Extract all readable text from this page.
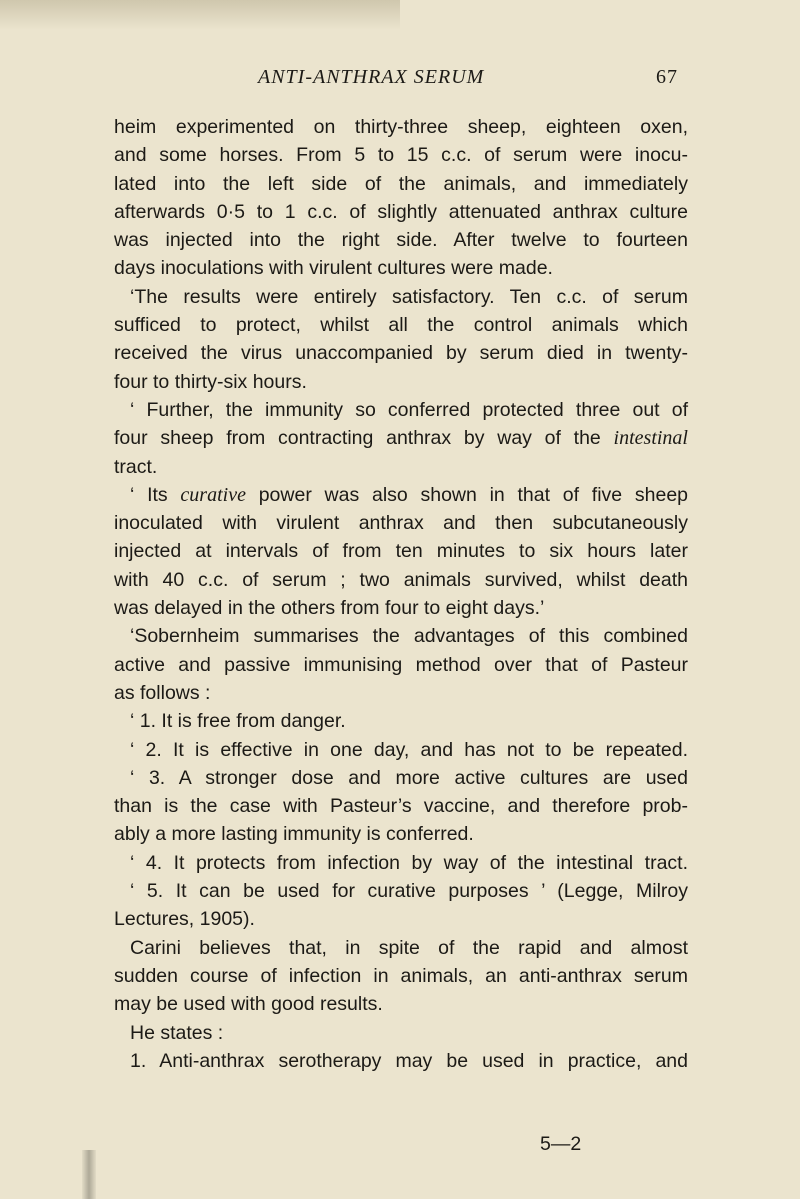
ANTI-ANTHRAX SERUM	67
heim experimented on thirty-three sheep, eighteen oxen,
and some horses. From 5 to 15 c.c. of serum were inocu-
lated into the left side of the animals, and immediately
afterwards 0·5 to 1 c.c. of slightly attenuated anthrax culture
was injected into the right side. After twelve to fourteen
days inoculations with virulent cultures were made.
‘The results were entirely satisfactory. Ten c.c. of serum
sufficed to protect, whilst all the control animals which
received the virus unaccompanied by serum died in twenty-
four to thirty-six hours.
‘ Further, the immunity so conferred protected three out of
four sheep from contracting anthrax by way of the intestinal
tract.
‘ Its curative power was also shown in that of five sheep
inoculated with virulent anthrax and then subcutaneously
injected at intervals of from ten minutes to six hours later
with 40 c.c. of serum ; two animals survived, whilst death
was delayed in the others from four to eight days.’
‘Sobernheim summarises the advantages of this combined
active and passive immunising method over that of Pasteur
as follows :
‘ 1. It is free from danger.
‘ 2. It is effective in one day, and has not to be repeated.
‘ 3. A stronger dose and more active cultures are used
than is the case with Pasteur’s vaccine, and therefore prob-
ably a more lasting immunity is conferred.
‘ 4. It protects from infection by way of the intestinal tract.
‘ 5. It can be used for curative purposes ’ (Legge, Milroy
Lectures, 1905).
Carini believes that, in spite of the rapid and almost
sudden course of infection in animals, an anti-anthrax serum
may be used with good results.
He states :
1. Anti-anthrax serotherapy may be used in practice, and
5—2
